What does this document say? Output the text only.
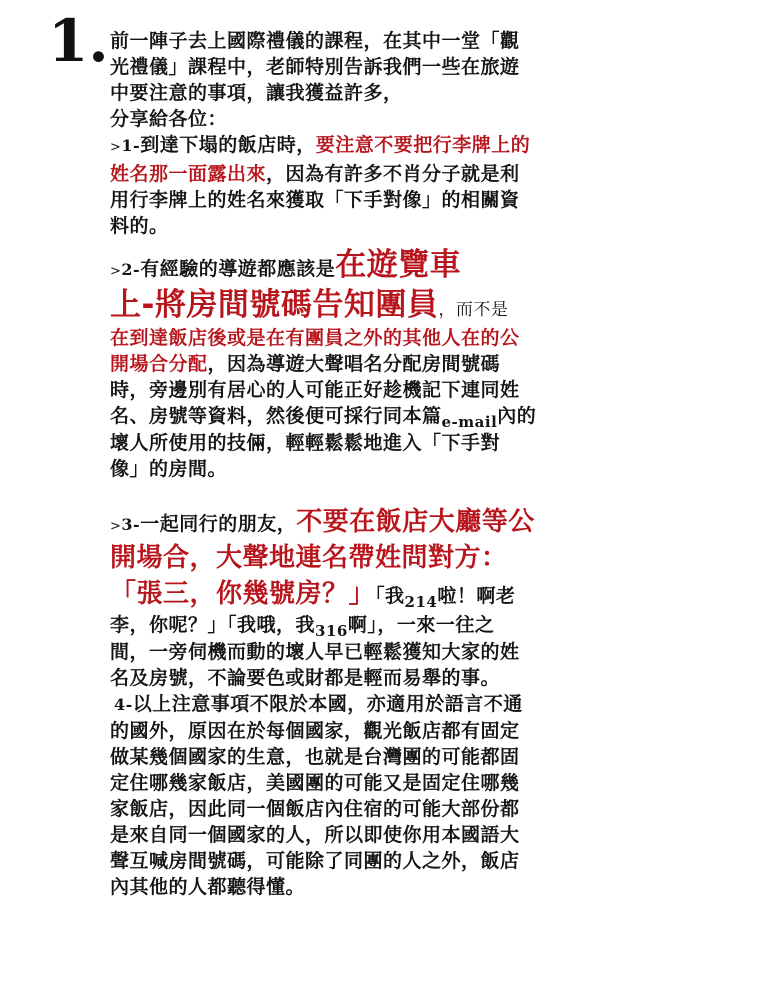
1. 前一陣子去上國際禮儀的課程，在其中一堂「觀
光禮儀」課程中，老師特別告訴我們一些在旅遊
中要注意的事項，讓我獲益許多，
分享給各位：

>1-到達下塌的飯店時，要注意不要把行李牌上的
姓名那一面露出來，因為有許多不肖分子就是利
用行李牌上的姓名來獲取「下手對像」的相關資
料的。

>2-有經驗的導遊都應該是在遊覽車
上-將房間號碼告知團員，而不是
在到達飯店後或是在有團員之外的其他人在的公
開場合分配，因為導遊大聲唱名分配房間號碼
時，旁邊別有居心的人可能正好趁機記下連同姓
名、房號等資料，然後便可採行同本篇$_{e-mail}$內的
壞人所使用的技倆，輕輕鬆鬆地進入「下手對
像」的房間。

>3-一起同行的朋友，不要在飯店大廳等公
開場合，大聲地連名帶姓問對方：
「張三，你幾號房？」「我$_{214}$啦！啊老
李，你呢？」「我哦，我$_{316}$啊」，一來一往之
間，一旁伺機而動的壞人早已輕鬆獲知大家的姓
名及房號，不論要色或財都是輕而易舉的事。

4-以上注意事項不限於本國，亦適用於語言不通
的國外，原因在於每個國家，觀光飯店都有固定
做某幾個國家的生意，也就是台灣團的可能都固
定住哪幾家飯店，美國團的可能又是固定住哪幾
家飯店，因此同一個飯店內住宿的可能大部份都
是來自同一個國家的人，所以即使你用本國語大
聲互喊房間號碼，可能除了同團的人之外，飯店
內其他的人都聽得懂。
